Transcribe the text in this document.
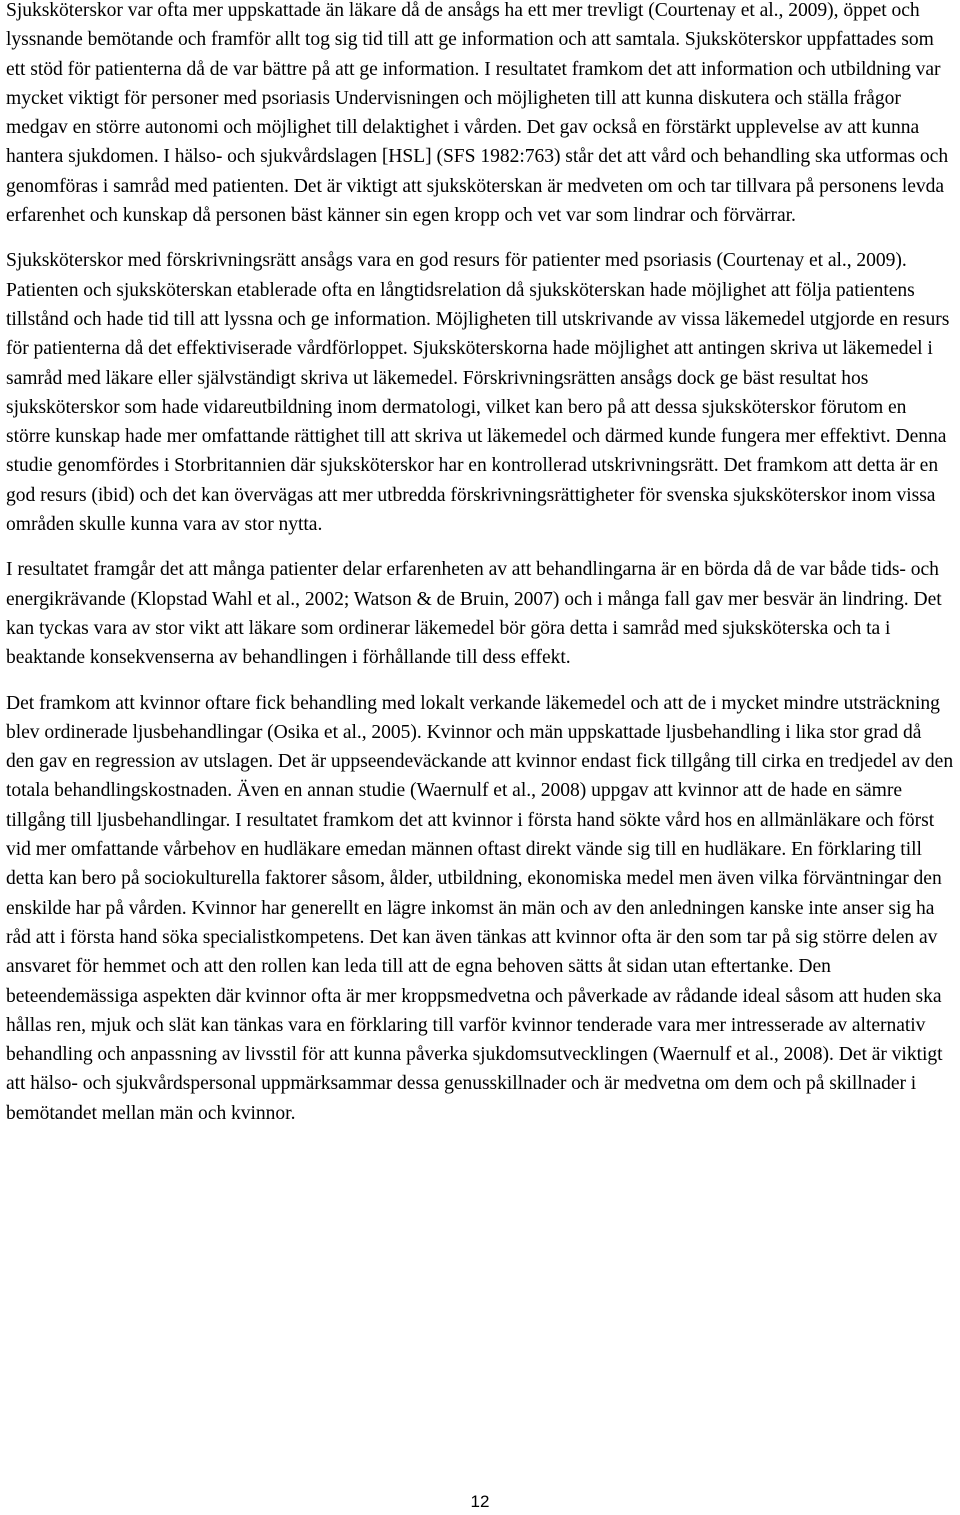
Sjuksköterskor var ofta mer uppskattade än läkare då de ansågs ha ett mer trevligt (Courtenay et al., 2009), öppet och lyssnande bemötande och framför allt tog sig tid till att ge information och att samtala. Sjuksköterskor uppfattades som ett stöd för patienterna då de var bättre på att ge information. I resultatet framkom det att information och utbildning var mycket viktigt för personer med psoriasis Undervisningen och möjligheten till att kunna diskutera och ställa frågor medgav en större autonomi och möjlighet till delaktighet i vården. Det gav också en förstärkt upplevelse av att kunna hantera sjukdomen. I hälso- och sjukvårdslagen [HSL] (SFS 1982:763) står det att vård och behandling ska utformas och genomföras i samråd med patienten. Det är viktigt att sjuksköterskan är medveten om och tar tillvara på personens levda erfarenhet och kunskap då personen bäst känner sin egen kropp och vet var som lindrar och förvärrar.

Sjuksköterskor med förskrivningsrätt ansågs vara en god resurs för patienter med psoriasis (Courtenay et al., 2009). Patienten och sjuksköterskan etablerade ofta en långtidsrelation då sjuksköterskan hade möjlighet att följa patientens tillstånd och hade tid till att lyssna och ge information. Möjligheten till utskrivande av vissa läkemedel utgjorde en resurs för patienterna då det effektiviserade vårdförloppet. Sjuksköterskorna hade möjlighet att antingen skriva ut läkemedel i samråd med läkare eller självständigt skriva ut läkemedel. Förskrivningsrätten ansågs dock ge bäst resultat hos sjuksköterskor som hade vidareutbildning inom dermatologi, vilket kan bero på att dessa sjuksköterskor förutom en större kunskap hade mer omfattande rättighet till att skriva ut läkemedel och därmed kunde fungera mer effektivt. Denna studie genomfördes i Storbritannien där sjuksköterskor har en kontrollerad utskrivningsrätt. Det framkom att detta är en god resurs (ibid) och det kan övervägas att mer utbredda förskrivningsrättigheter för svenska sjuksköterskor inom vissa områden skulle kunna vara av stor nytta.

I resultatet framgår det att många patienter delar erfarenheten av att behandlingarna är en börda då de var både tids- och energikrävande (Klopstad Wahl et al., 2002; Watson & de Bruin, 2007) och i många fall gav mer besvär än lindring. Det kan tyckas vara av stor vikt att läkare som ordinerar läkemedel bör göra detta i samråd med sjuksköterska och ta i beaktande konsekvenserna av behandlingen i förhållande till dess effekt.

Det framkom att kvinnor oftare fick behandling med lokalt verkande läkemedel och att de i mycket mindre utsträckning blev ordinerade ljusbehandlingar (Osika et al., 2005). Kvinnor och män uppskattade ljusbehandling i lika stor grad då den gav en regression av utslagen. Det är uppseendeväckande att kvinnor endast fick tillgång till cirka en tredjedel av den totala behandlingskostnaden. Även en annan studie (Waernulf et al., 2008) uppgav att kvinnor att de hade en sämre tillgång till ljusbehandlingar. I resultatet framkom det att kvinnor i första hand sökte vård hos en allmänläkare och först vid mer omfattande vårbehov en hudläkare emedan männen oftast direkt vände sig till en hudläkare. En förklaring till detta kan bero på sociokulturella faktorer såsom, ålder, utbildning, ekonomiska medel men även vilka förväntningar den enskilde har på vården. Kvinnor har generellt en lägre inkomst än män och av den anledningen kanske inte anser sig ha råd att i första hand söka specialistkompetens. Det kan även tänkas att kvinnor ofta är den som tar på sig större delen av ansvaret för hemmet och att den rollen kan leda till att de egna behoven sätts åt sidan utan eftertanke. Den beteendemässiga aspekten där kvinnor ofta är mer kroppsmedvetna och påverkade av rådande ideal såsom att huden ska hållas ren, mjuk och slät kan tänkas vara en förklaring till varför kvinnor tenderade vara mer intresserade av alternativ behandling och anpassning av livsstil för att kunna påverka sjukdomsutvecklingen (Waernulf et al., 2008). Det är viktigt att hälso- och sjukvårdspersonal uppmärksammar dessa genusskillnader och är medvetna om dem och på skillnader i bemötandet mellan män och kvinnor.

12
